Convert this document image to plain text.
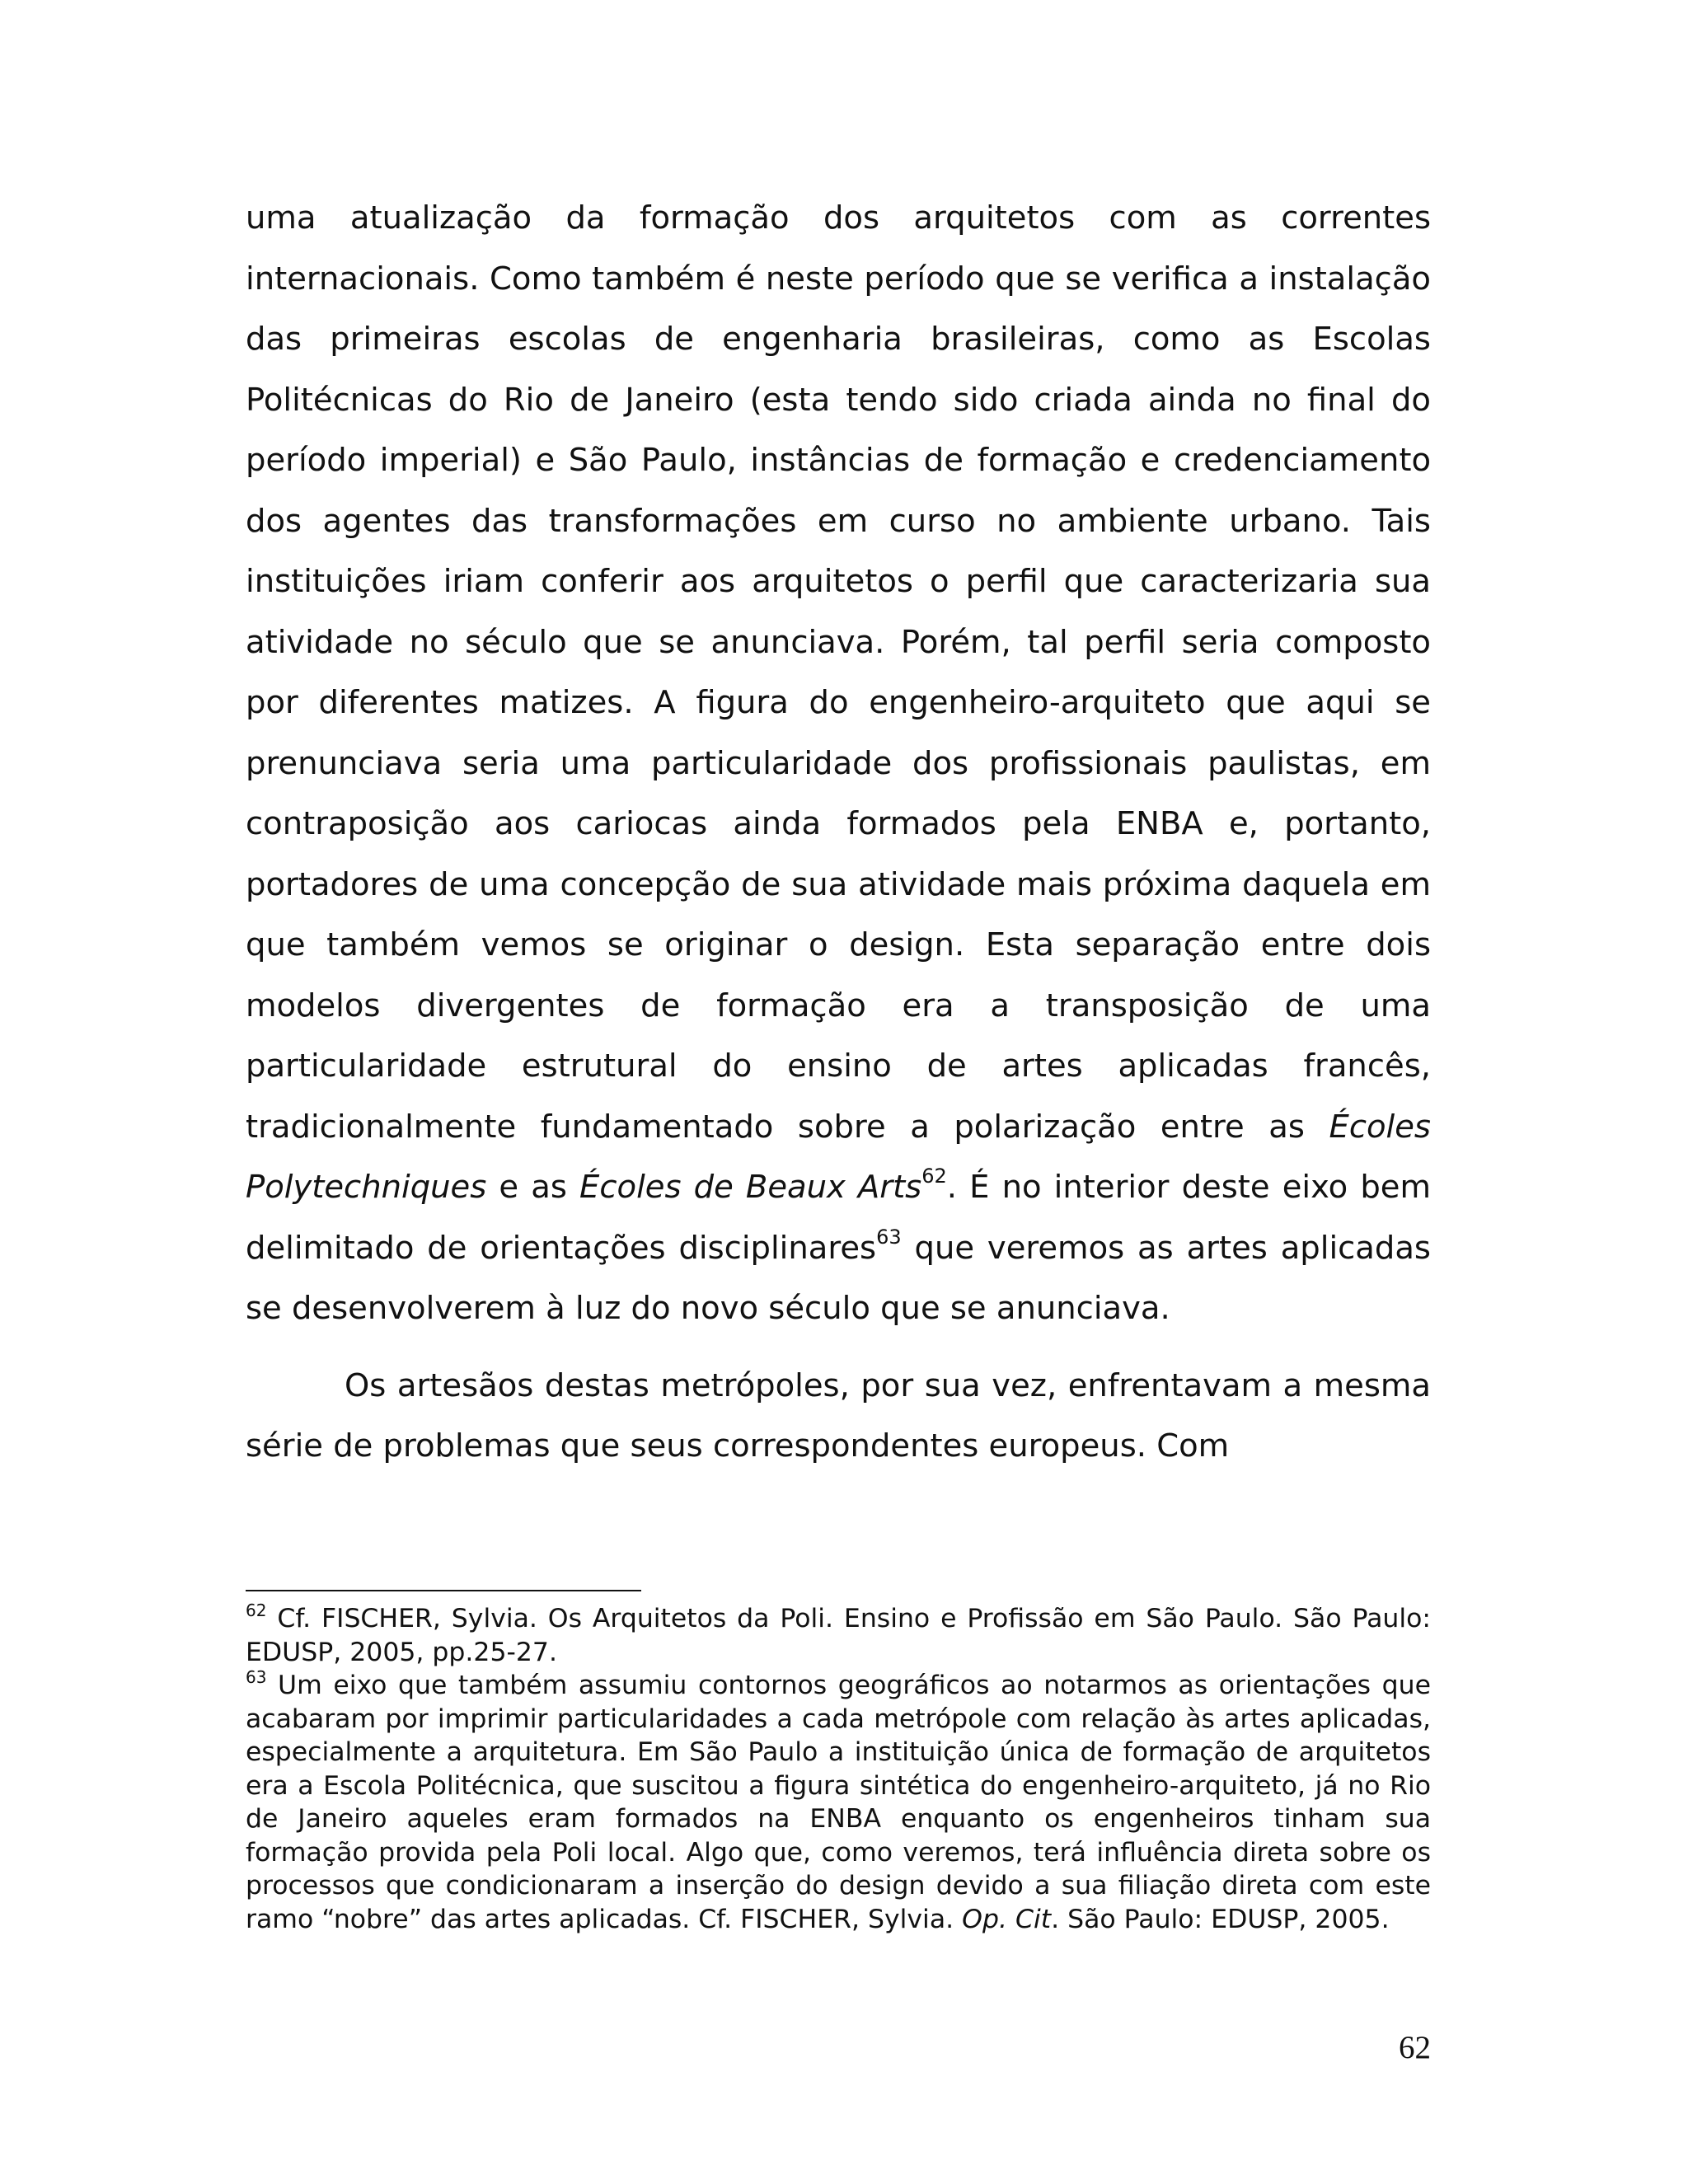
uma atualização da formação dos arquitetos com as correntes internacionais. Como também é neste período que se verifica a instalação das primeiras escolas de engenharia brasileiras, como as Escolas Politécnicas do Rio de Janeiro (esta tendo sido criada ainda no final do período imperial) e São Paulo, instâncias de formação e credenciamento dos agentes das transformações em curso no ambiente urbano. Tais instituições iriam conferir aos arquitetos o perfil que caracterizaria sua atividade no século que se anunciava. Porém, tal perfil seria composto por diferentes matizes. A figura do engenheiro-arquiteto que aqui se prenunciava seria uma particularidade dos profissionais paulistas, em contraposição aos cariocas ainda formados pela ENBA e, portanto, portadores de uma concepção de sua atividade mais próxima daquela em que também vemos se originar o design. Esta separação entre dois modelos divergentes de formação era a transposição de uma particularidade estrutural do ensino de artes aplicadas francês, tradicionalmente fundamentado sobre a polarização entre as Écoles Polytechniques e as Écoles de Beaux Arts$^{62}$. É no interior deste eixo bem delimitado de orientações disciplinares$^{63}$ que veremos as artes aplicadas se desenvolverem à luz do novo século que se anunciava.

Os artesãos destas metrópoles, por sua vez, enfrentavam a mesma série de problemas que seus correspondentes europeus. Com

$^{62}$ Cf. FISCHER, Sylvia. Os Arquitetos da Poli. Ensino e Profissão em São Paulo. São Paulo: EDUSP, 2005, pp.25-27.

$^{63}$ Um eixo que também assumiu contornos geográficos ao notarmos as orientações que acabaram por imprimir particularidades a cada metrópole com relação às artes aplicadas, especialmente a arquitetura. Em São Paulo a instituição única de formação de arquitetos era a Escola Politécnica, que suscitou a figura sintética do engenheiro-arquiteto, já no Rio de Janeiro aqueles eram formados na ENBA enquanto os engenheiros tinham sua formação provida pela Poli local. Algo que, como veremos, terá influência direta sobre os processos que condicionaram a inserção do design devido a sua filiação direta com este ramo “nobre” das artes aplicadas. Cf. FISCHER, Sylvia. Op. Cit. São Paulo: EDUSP, 2005.

62
